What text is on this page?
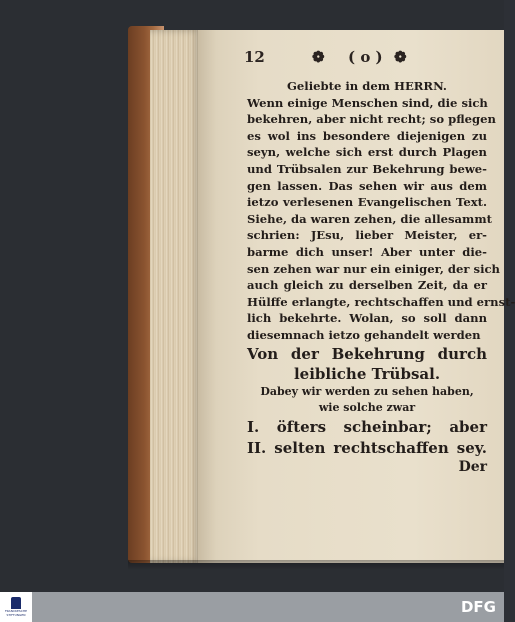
12	❁ ( o ) ❁
Geliebte in dem HERRN.
Wenn einige Menschen sind, die sich
bekehren, aber nicht recht; so pflegen
es wol ins besondere diejenigen zu
seyn, welche sich erst durch Plagen
und Trübsalen zur Bekehrung bewe-
gen lassen. Das sehen wir aus dem
ietzo verlesenen Evangelischen Text.
Siehe, da waren zehen, die allesammt
schrien: JEsu, lieber Meister, er-
barme dich unser! Aber unter die-
sen zehen war nur ein einiger, der sich
auch gleich zu derselben Zeit, da er
Hülffe erlangte, rechtschaffen und ernst-
lich bekehrte. Wolan, so soll dann
diesemnach ietzo gehandelt werden
Von der Bekehrung durch
leibliche Trübsal.
Dabey wir werden zu sehen haben,
wie solche zwar
I. öfters scheinbar; aber
II. selten rechtschaffen sey.
Der
FRANCKESCHE STIFTUNGEN	DFG
